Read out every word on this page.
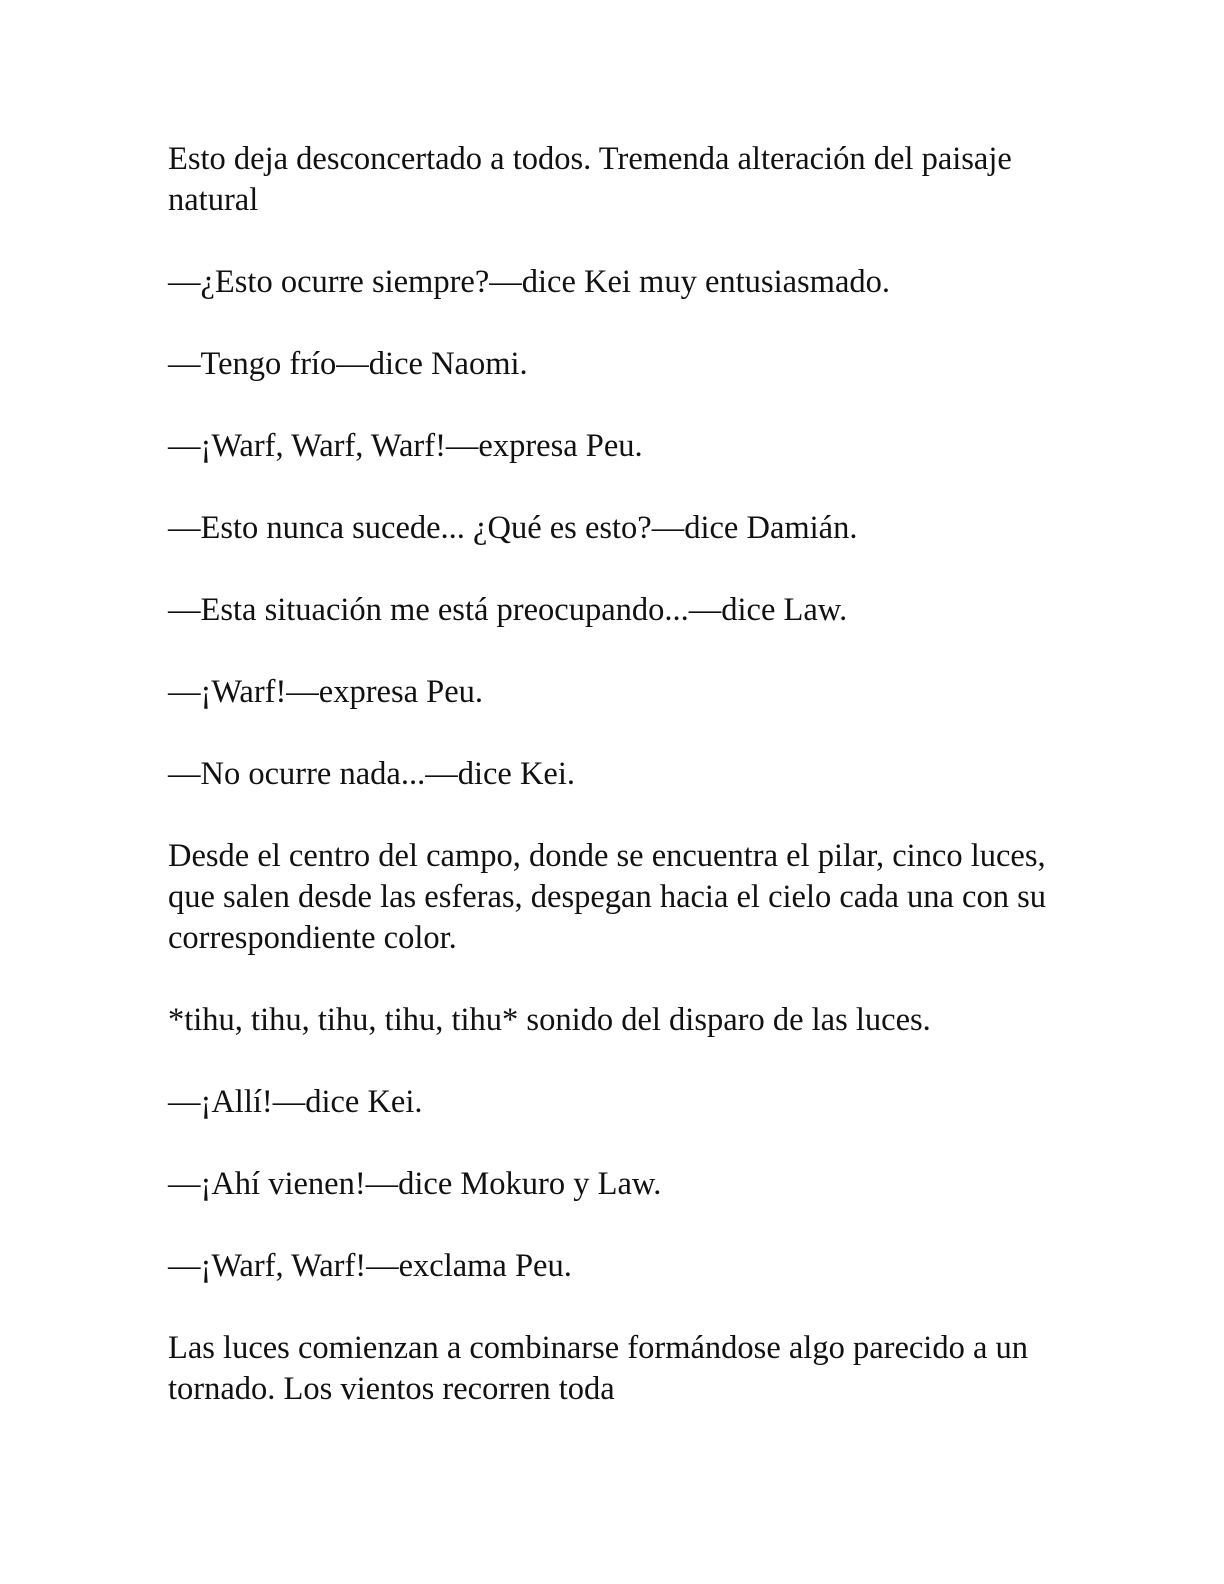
Esto deja desconcertado a todos. Tremenda alteración del paisaje natural

—¿Esto ocurre siempre?—dice Kei muy entusiasmado.

—Tengo frío—dice Naomi.

—¡Warf, Warf, Warf!—expresa Peu.

—Esto nunca sucede... ¿Qué es esto?—dice Damián.

—Esta situación me está preocupando...—dice Law.

—¡Warf!—expresa Peu.

—No ocurre nada...—dice Kei.

Desde el centro del campo, donde se encuentra el pilar, cinco luces, que salen desde las esferas, despegan hacia el cielo cada una con su correspondiente color.

*tihu, tihu, tihu, tihu, tihu* sonido del disparo de las luces.

—¡Allí!—dice Kei.

—¡Ahí vienen!—dice Mokuro y Law.

—¡Warf, Warf!—exclama Peu.

Las luces comienzan a combinarse formándose algo parecido a un tornado. Los vientos recorren toda
